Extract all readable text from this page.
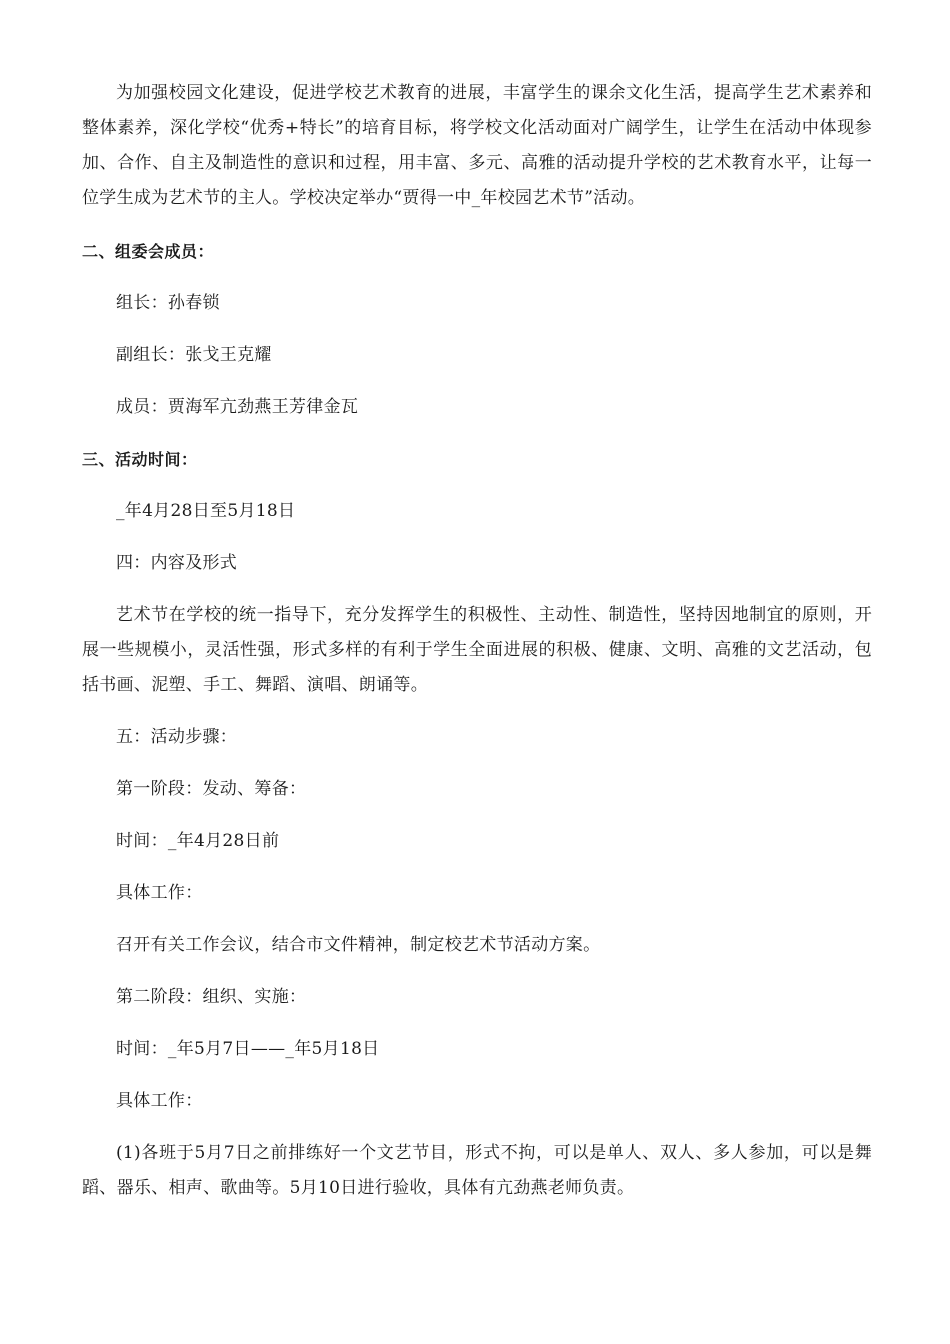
为加强校园文化建设，促进学校艺术教育的进展，丰富学生的课余文化生活，提高学生艺术素养和整体素养，深化学校“优秀+特长”的培育目标，将学校文化活动面对广阔学生，让学生在活动中体现参加、合作、自主及制造性的意识和过程，用丰富、多元、高雅的活动提升学校的艺术教育水平，让每一位学生成为艺术节的主人。学校决定举办“贾得一中_年校园艺术节”活动。

二、组委会成员：

组长：孙春锁

副组长：张戈王克耀

成员：贾海军亢劲燕王芳律金瓦

三、活动时间：

_年4月28日至5月18日

四：内容及形式

艺术节在学校的统一指导下，充分发挥学生的积极性、主动性、制造性，坚持因地制宜的原则，开展一些规模小，灵活性强，形式多样的有利于学生全面进展的积极、健康、文明、高雅的文艺活动，包括书画、泥塑、手工、舞蹈、演唱、朗诵等。

五：活动步骤：

第一阶段：发动、筹备：

时间：_年4月28日前

具体工作：

召开有关工作会议，结合市文件精神，制定校艺术节活动方案。

第二阶段：组织、实施：

时间：_年5月7日——_年5月18日

具体工作：

(1)各班于5月7日之前排练好一个文艺节目，形式不拘，可以是单人、双人、多人参加，可以是舞蹈、器乐、相声、歌曲等。5月10日进行验收，具体有亢劲燕老师负责。
